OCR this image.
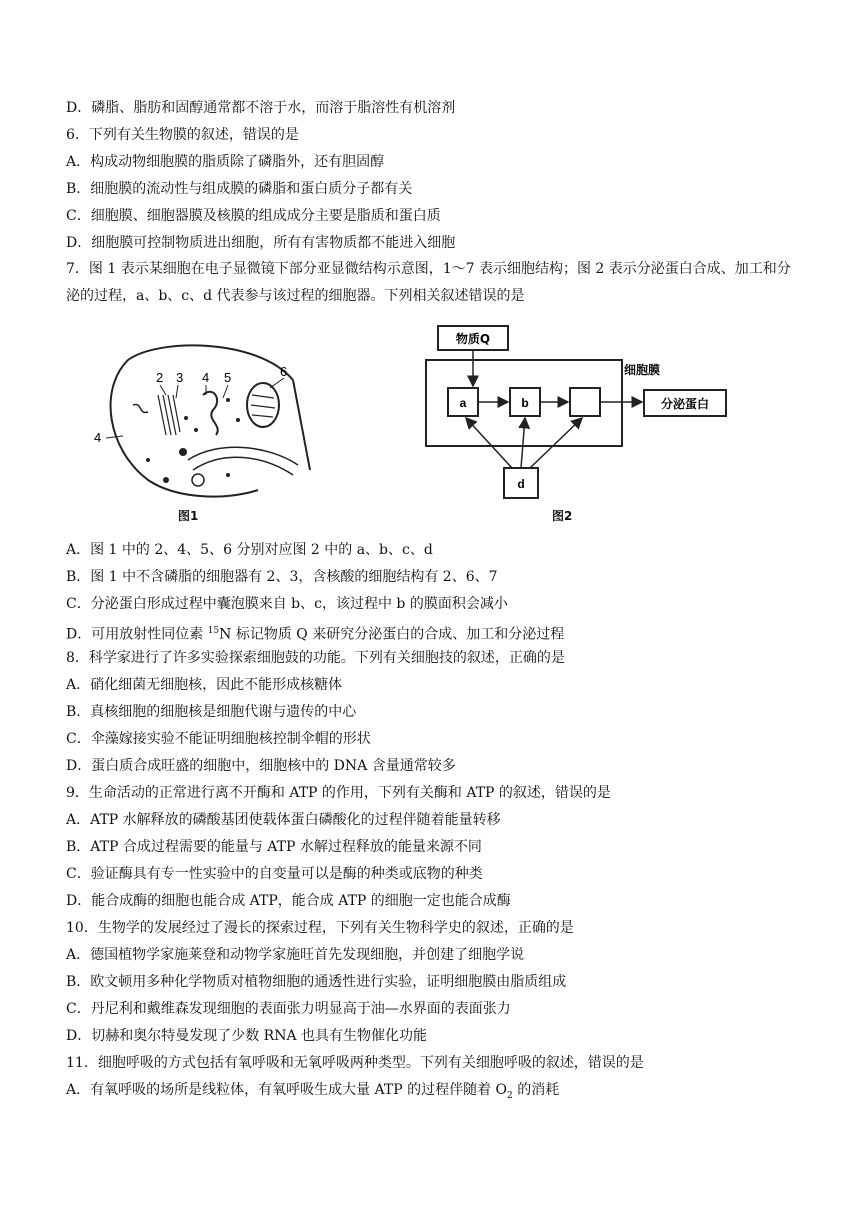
D．磷脂、脂肪和固醇通常都不溶于水，而溶于脂溶性有机溶剂
6．下列有关生物膜的叙述，错误的是
A．构成动物细胞膜的脂质除了磷脂外，还有胆固醇
B．细胞膜的流动性与组成膜的磷脂和蛋白质分子都有关
C．细胞膜、细胞器膜及核膜的组成成分主要是脂质和蛋白质
D．细胞膜可控制物质进出细胞，所有有害物质都不能进入细胞
7．图 1 表示某细胞在电子显微镜下部分亚显微结构示意图，1～7 表示细胞结构；图 2 表示分泌蛋白合成、加工和分泌的过程，a、b、c、d 代表参与该过程的细胞器。下列相关叙述错误的是
2 3 4 5	6
4
图1
物质Q
细胞膜
a	b	分泌蛋白
d
图2
A．图 1 中的 2、4、5、6 分别对应图 2 中的 a、b、c、d
B．图 1 中不含磷脂的细胞器有 2、3，含核酸的细胞结构有 2、6、7
C．分泌蛋白形成过程中囊泡膜来自 b、c，该过程中 b 的膜面积会减小
D．可用放射性同位素 $^{15}$N 标记物质 Q 来研究分泌蛋白的合成、加工和分泌过程
8．科学家进行了许多实验探索细胞鼓的功能。下列有关细胞技的叙述，正确的是
A．硝化细菌无细胞核，因此不能形成核糖体
B．真核细胞的细胞核是细胞代谢与遗传的中心
C．伞藻嫁接实验不能证明细胞核控制伞帽的形状
D．蛋白质合成旺盛的细胞中，细胞核中的 DNA 含量通常较多
9．生命活动的正常进行离不开酶和 ATP 的作用，下列有关酶和 ATP 的叙述，错误的是
A．ATP 水解释放的磷酸基团使载体蛋白磷酸化的过程伴随着能量转移
B．ATP 合成过程需要的能量与 ATP 水解过程释放的能量来源不同
C．验证酶具有专一性实验中的自变量可以是酶的种类或底物的种类
D．能合成酶的细胞也能合成 ATP，能合成 ATP 的细胞一定也能合成酶
10．生物学的发展经过了漫长的探索过程，下列有关生物科学史的叙述，正确的是
A．德国植物学家施莱登和动物学家施旺首先发现细胞，并创建了细胞学说
B．欧文顿用多种化学物质对植物细胞的通透性进行实验，证明细胞膜由脂质组成
C．丹尼利和戴维森发现细胞的表面张力明显高于油—水界面的表面张力
D．切赫和奥尔特曼发现了少数 RNA 也具有生物催化功能
11．细胞呼吸的方式包括有氧呼吸和无氧呼吸两种类型。下列有关细胞呼吸的叙述，错误的是
A．有氧呼吸的场所是线粒体，有氧呼吸生成大量 ATP 的过程伴随着 $O_2$ 的消耗
